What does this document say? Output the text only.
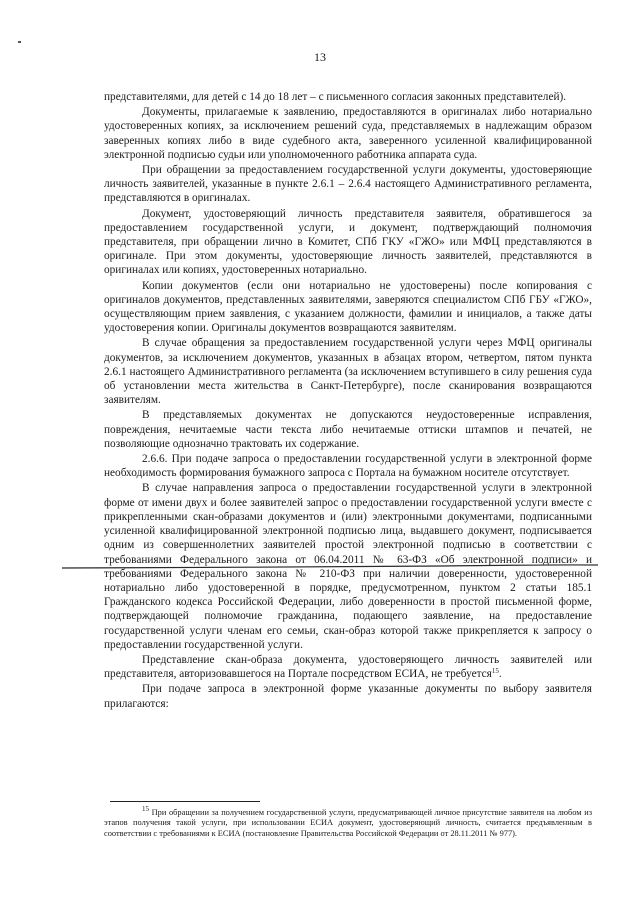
13

представителями, для детей с 14 до 18 лет – с письменного согласия законных представителей).

Документы, прилагаемые к заявлению, предоставляются в оригиналах либо нотариально удостоверенных копиях, за исключением решений суда, представляемых в надлежащим образом заверенных копиях либо в виде судебного акта, заверенного усиленной квалифицированной электронной подписью судьи или уполномоченного работника аппарата суда.

При обращении за предоставлением государственной услуги документы, удостоверяющие личность заявителей, указанные в пункте 2.6.1 – 2.6.4 настоящего Административного регламента, представляются в оригиналах.

Документ, удостоверяющий личность представителя заявителя, обратившегося за предоставлением государственной услуги, и документ, подтверждающий полномочия представителя, при обращении лично в Комитет, СПб ГКУ «ГЖО» или МФЦ представляются в оригинале. При этом документы, удостоверяющие личность заявителей, представляются в оригиналах или копиях, удостоверенных нотариально.

Копии документов (если они нотариально не удостоверены) после копирования с оригиналов документов, представленных заявителями, заверяются специалистом СПб ГБУ «ГЖО», осуществляющим прием заявления, с указанием должности, фамилии и инициалов, а также даты удостоверения копии. Оригиналы документов возвращаются заявителям.

В случае обращения за предоставлением государственной услуги через МФЦ оригиналы документов, за исключением документов, указанных в абзацах втором, четвертом, пятом пункта 2.6.1 настоящего Административного регламента (за исключением вступившего в силу решения суда об установлении места жительства в Санкт-Петербурге), после сканирования возвращаются заявителям.

В представляемых документах не допускаются неудостоверенные исправления, повреждения, нечитаемые части текста либо нечитаемые оттиски штампов и печатей, не позволяющие однозначно трактовать их содержание.

2.6.6. При подаче запроса о предоставлении государственной услуги в электронной форме необходимость формирования бумажного запроса с Портала на бумажном носителе отсутствует.

В случае направления запроса о предоставлении государственной услуги в электронной форме от имени двух и более заявителей запрос о предоставлении государственной услуги вместе с прикрепленными скан-образами документов и (или) электронными документами, подписанными усиленной квалифицированной электронной подписью лица, выдавшего документ, подписывается одним из совершеннолетних заявителей простой электронной подписью в соответствии с требованиями Федерального закона от 06.04.2011 № 63-ФЗ «Об электронной подписи» и требованиями Федерального закона № 210-ФЗ при наличии доверенности, удостоверенной нотариально либо удостоверенной в порядке, предусмотренном, пунктом 2 статьи 185.1 Гражданского кодекса Российской Федерации, либо доверенности в простой письменной форме, подтверждающей полномочие гражданина, подающего заявление, на предоставление государственной услуги членам его семьи, скан-образ которой также прикрепляется к запросу о предоставлении государственной услуги.

Представление скан-образа документа, удостоверяющего личность заявителей или представителя, авторизовавшегося на Портале посредством ЕСИА, не требуется$^{15}$.

При подаче запроса в электронной форме указанные документы по выбору заявителя прилагаются:

$^{15}$ При обращении за получением государственной услуги, предусматривающей личное присутствие заявителя на любом из этапов получения такой услуги, при использовании ЕСИА документ, удостоверяющий личность, считается предъявленным в соответствии с требованиями к ЕСИА (постановление Правительства Российской Федерации от 28.11.2011 № 977).
